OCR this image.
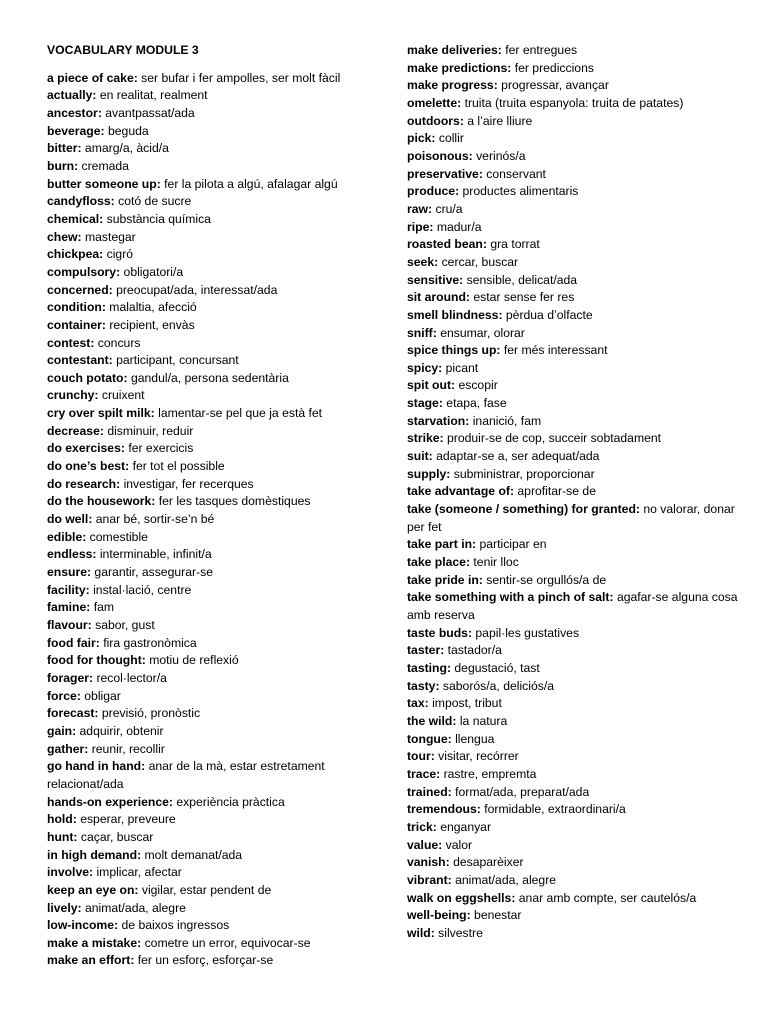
VOCABULARY MODULE 3
a piece of cake: ser bufar i fer ampolles, ser molt fàcil
actually: en realitat, realment
ancestor: avantpassat/ada
beverage: beguda
bitter: amarg/a, àcid/a
burn: cremada
butter someone up: fer la pilota a algú, afalagar algú
candyfloss: cotó de sucre
chemical: substància química
chew: mastegar
chickpea: cigró
compulsory: obligatori/a
concerned: preocupat/ada, interessat/ada
condition: malaltia, afecció
container: recipient, envàs
contest: concurs
contestant: participant, concursant
couch potato: gandul/a, persona sedentària
crunchy: cruixent
cry over spilt milk: lamentar-se pel que ja està fet
decrease: disminuir, reduir
do exercises: fer exercicis
do one’s best: fer tot el possible
do research: investigar, fer recerques
do the housework: fer les tasques domèstiques
do well: anar bé, sortir-se’n bé
edible: comestible
endless: interminable, infinit/a
ensure: garantir, assegurar-se
facility: instal·lació, centre
famine: fam
flavour: sabor, gust
food fair: fira gastronòmica
food for thought: motiu de reflexió
forager: recol·lector/a
force: obligar
forecast: previsió, pronòstic
gain: adquirir, obtenir
gather: reunir, recollir
go hand in hand: anar de la mà, estar estretament relacionat/ada
hands-on experience: experiència pràctica
hold: esperar, preveure
hunt: caçar, buscar
in high demand: molt demanat/ada
involve: implicar, afectar
keep an eye on: vigilar, estar pendent de
lively: animat/ada, alegre
low-income: de baixos ingressos
make a mistake: cometre un error, equivocar-se
make an effort: fer un esforç, esforçar-se
make deliveries: fer entregues
make predictions: fer prediccions
make progress: progressar, avançar
omelette: truita (truita espanyola: truita de patates)
outdoors: a l’aire lliure
pick: collir
poisonous: verinós/a
preservative: conservant
produce: productes alimentaris
raw: cru/a
ripe: madur/a
roasted bean: gra torrat
seek: cercar, buscar
sensitive: sensible, delicat/ada
sit around: estar sense fer res
smell blindness: pèrdua d’olfacte
sniff: ensumar, olorar
spice things up: fer més interessant
spicy: picant
spit out: escopir
stage: etapa, fase
starvation: inanició, fam
strike: produir-se de cop, succeir sobtadament
suit: adaptar-se a, ser adequat/ada
supply: subministrar, proporcionar
take advantage of: aprofitar-se de
take (someone / something) for granted: no valorar, donar per fet
take part in: participar en
take place: tenir lloc
take pride in: sentir-se orgullós/a de
take something with a pinch of salt: agafar-se alguna cosa amb reserva
taste buds: papil·les gustatives
taster: tastador/a
tasting: degustació, tast
tasty: saborós/a, deliciós/a
tax: impost, tribut
the wild: la natura
tongue: llengua
tour: visitar, recórrer
trace: rastre, empremta
trained: format/ada, preparat/ada
tremendous: formidable, extraordinari/a
trick: enganyar
value: valor
vanish: desaparèixer
vibrant: animat/ada, alegre
walk on eggshells: anar amb compte, ser cautelós/a
well-being: benestar
wild: silvestre
